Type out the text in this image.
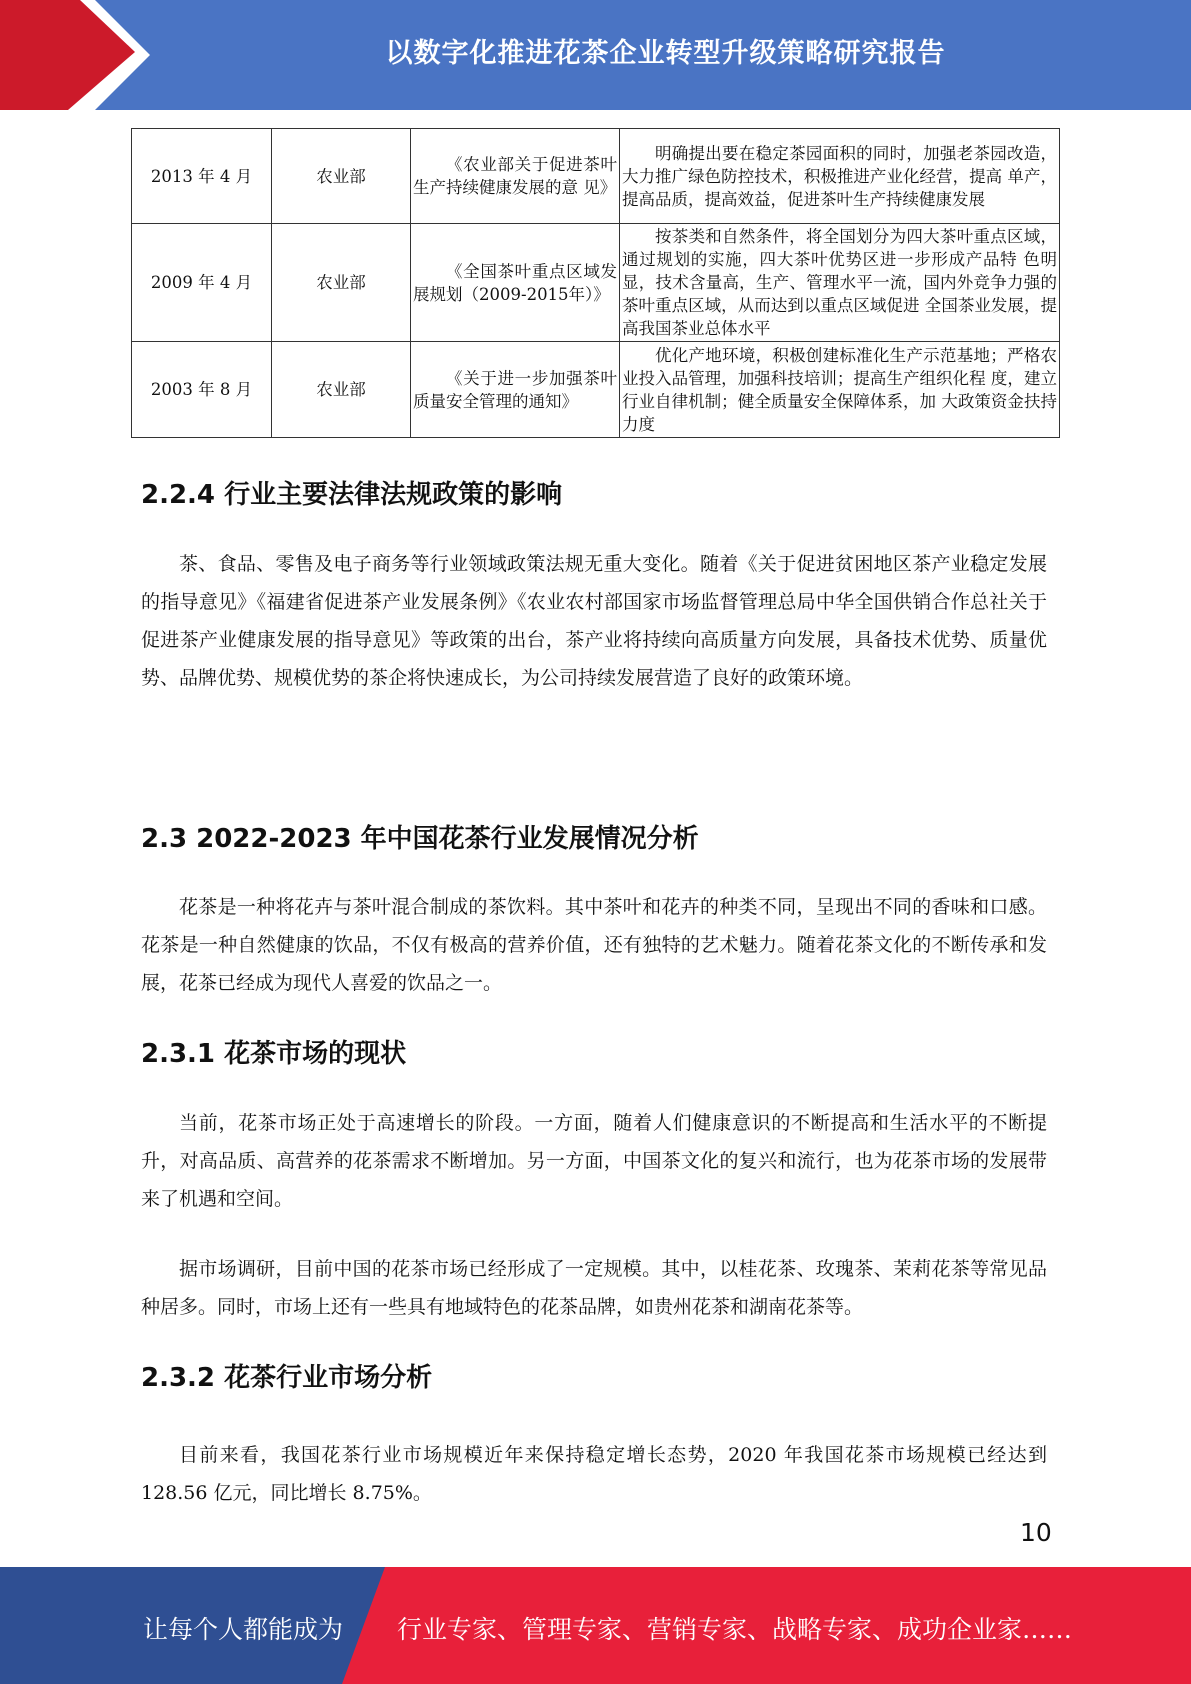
以数字化推进花茶企业转型升级策略研究报告
2013 年 4 月	农业部	《农业部关于促进茶叶 生产持续健康发展的意 见》	明确提出要在稳定茶园面积的同时，加强老茶园改造， 大力推广绿色防控技术，积极推进产业化经营，提高 单产，提高品质，提高效益，促进茶叶生产持续健康发展
2009 年 4 月	农业部	《全国茶叶重点区域发 展规划（2009-2015年）》	按茶类和自然条件，将全国划分为四大茶叶重点区域， 通过规划的实施，四大茶叶优势区进一步形成产品特 色明显，技术含量高，生产、管理水平一流，国内外竞争力强的茶叶重点区域，从而达到以重点区域促进 全国茶业发展，提高我国茶业总体水平
2003 年 8 月	农业部	《关于进一步加强茶叶 质量安全管理的通知》	优化产地环境，积极创建标准化生产示范基地；严格农业投入品管理，加强科技培训；提高生产组织化程 度，建立行业自律机制；健全质量安全保障体系，加 大政策资金扶持力度
2.2.4 行业主要法律法规政策的影响

茶、食品、零售及电子商务等行业领域政策法规无重大变化。随着《关于促进贫困地区茶产业稳定发展的指导意见》《福建省促进茶产业发展条例》《农业农村部国家市场监督管理总局中华全国供销合作总社关于促进茶产业健康发展的指导意见》等政策的出台，茶产业将持续向高质量方向发展，具备技术优势、质量优势、品牌优势、规模优势的茶企将快速成长，为公司持续发展营造了良好的政策环境。

2.3 2022-2023 年中国花茶行业发展情况分析

花茶是一种将花卉与茶叶混合制成的茶饮料。其中茶叶和花卉的种类不同，呈现出不同的香味和口感。花茶是一种自然健康的饮品，不仅有极高的营养价值，还有独特的艺术魅力。随着花茶文化的不断传承和发展，花茶已经成为现代人喜爱的饮品之一。

2.3.1 花茶市场的现状

当前，花茶市场正处于高速增长的阶段。一方面，随着人们健康意识的不断提高和生活水平的不断提升，对高品质、高营养的花茶需求不断增加。另一方面，中国茶文化的复兴和流行，也为花茶市场的发展带来了机遇和空间。

据市场调研，目前中国的花茶市场已经形成了一定规模。其中，以桂花茶、玫瑰茶、茉莉花茶等常见品种居多。同时，市场上还有一些具有地域特色的花茶品牌，如贵州花茶和湖南花茶等。

2.3.2 花茶行业市场分析

目前来看，我国花茶行业市场规模近年来保持稳定增长态势，2020 年我国花茶市场规模已经达到 128.56 亿元，同比增长 8.75%。

10
让每个人都能成为 行业专家、管理专家、营销专家、战略专家、成功企业家……
